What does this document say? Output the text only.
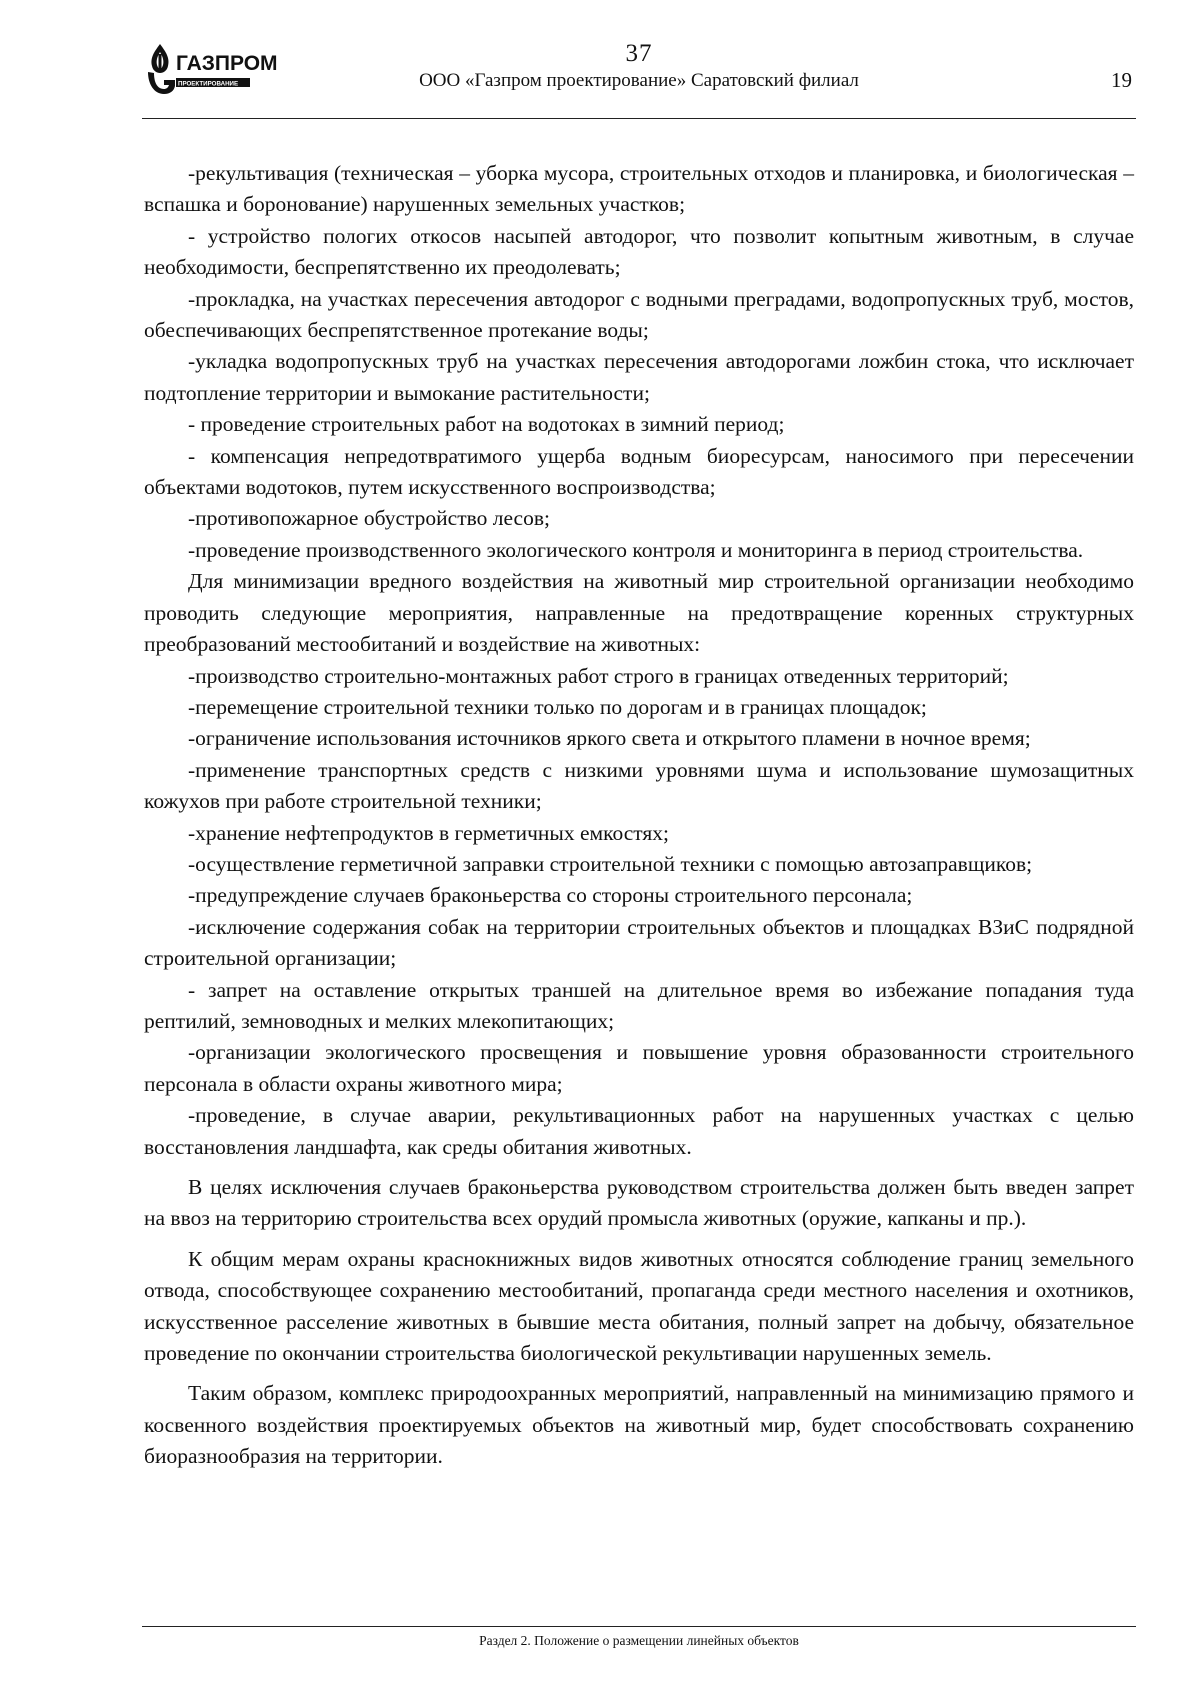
ГАЗПРОМ
ПРОЕКТИРОВАНИЕ
37
ООО «Газпром проектирование» Саратовский филиал	19

-рекультивация (техническая – уборка мусора, строительных отходов и планировка, и биологическая – вспашка и боронование) нарушенных земельных участков;

- устройство пологих откосов насыпей автодорог, что позволит копытным животным, в случае необходимости, беспрепятственно их преодолевать;

-прокладка, на участках пересечения автодорог с водными преградами, водопропускных труб, мостов, обеспечивающих беспрепятственное протекание воды;

-укладка водопропускных труб на участках пересечения автодорогами ложбин стока, что исключает подтопление территории и вымокание растительности;

- проведение строительных работ на водотоках в зимний период;

- компенсация непредотвратимого ущерба водным биоресурсам, наносимого при пересечении объектами водотоков, путем искусственного воспроизводства;

-противопожарное обустройство лесов;

-проведение производственного экологического контроля и мониторинга в период строительства.

Для минимизации вредного воздействия на животный мир строительной организации необходимо проводить следующие мероприятия, направленные на предотвращение коренных структурных преобразований местообитаний и воздействие на животных:

-производство строительно-монтажных работ строго в границах отведенных территорий;

-перемещение строительной техники только по дорогам и в границах площадок;

-ограничение использования источников яркого света и открытого пламени в ночное время;

-применение транспортных средств с низкими уровнями шума и использование шумозащитных кожухов при работе строительной техники;

-хранение нефтепродуктов в герметичных емкостях;

-осуществление герметичной заправки строительной техники с помощью автозаправщиков;

-предупреждение случаев браконьерства со стороны строительного персонала;

-исключение содержания собак на территории строительных объектов и площадках ВЗиС подрядной строительной организации;

- запрет на оставление открытых траншей на длительное время во избежание попадания туда рептилий, земноводных и мелких млекопитающих;

-организации экологического просвещения и повышение уровня образованности строительного персонала в области охраны животного мира;

-проведение, в случае аварии, рекультивационных работ на нарушенных участках с целью восстановления ландшафта, как среды обитания животных.

В целях исключения случаев браконьерства руководством строительства должен быть введен запрет на ввоз на территорию строительства всех орудий промысла животных (оружие, капканы и пр.).

К общим мерам охраны краснокнижных видов животных относятся соблюдение границ земельного отвода, способствующее сохранению местообитаний, пропаганда среди местного населения и охотников, искусственное расселение животных в бывшие места обитания, полный запрет на добычу, обязательное проведение по окончании строительства биологической рекультивации нарушенных земель.

Таким образом, комплекс природоохранных мероприятий, направленный на минимизацию прямого и косвенного воздействия проектируемых объектов на животный мир, будет способствовать сохранению биоразнообразия на территории.

Раздел 2. Положение о размещении линейных объектов
